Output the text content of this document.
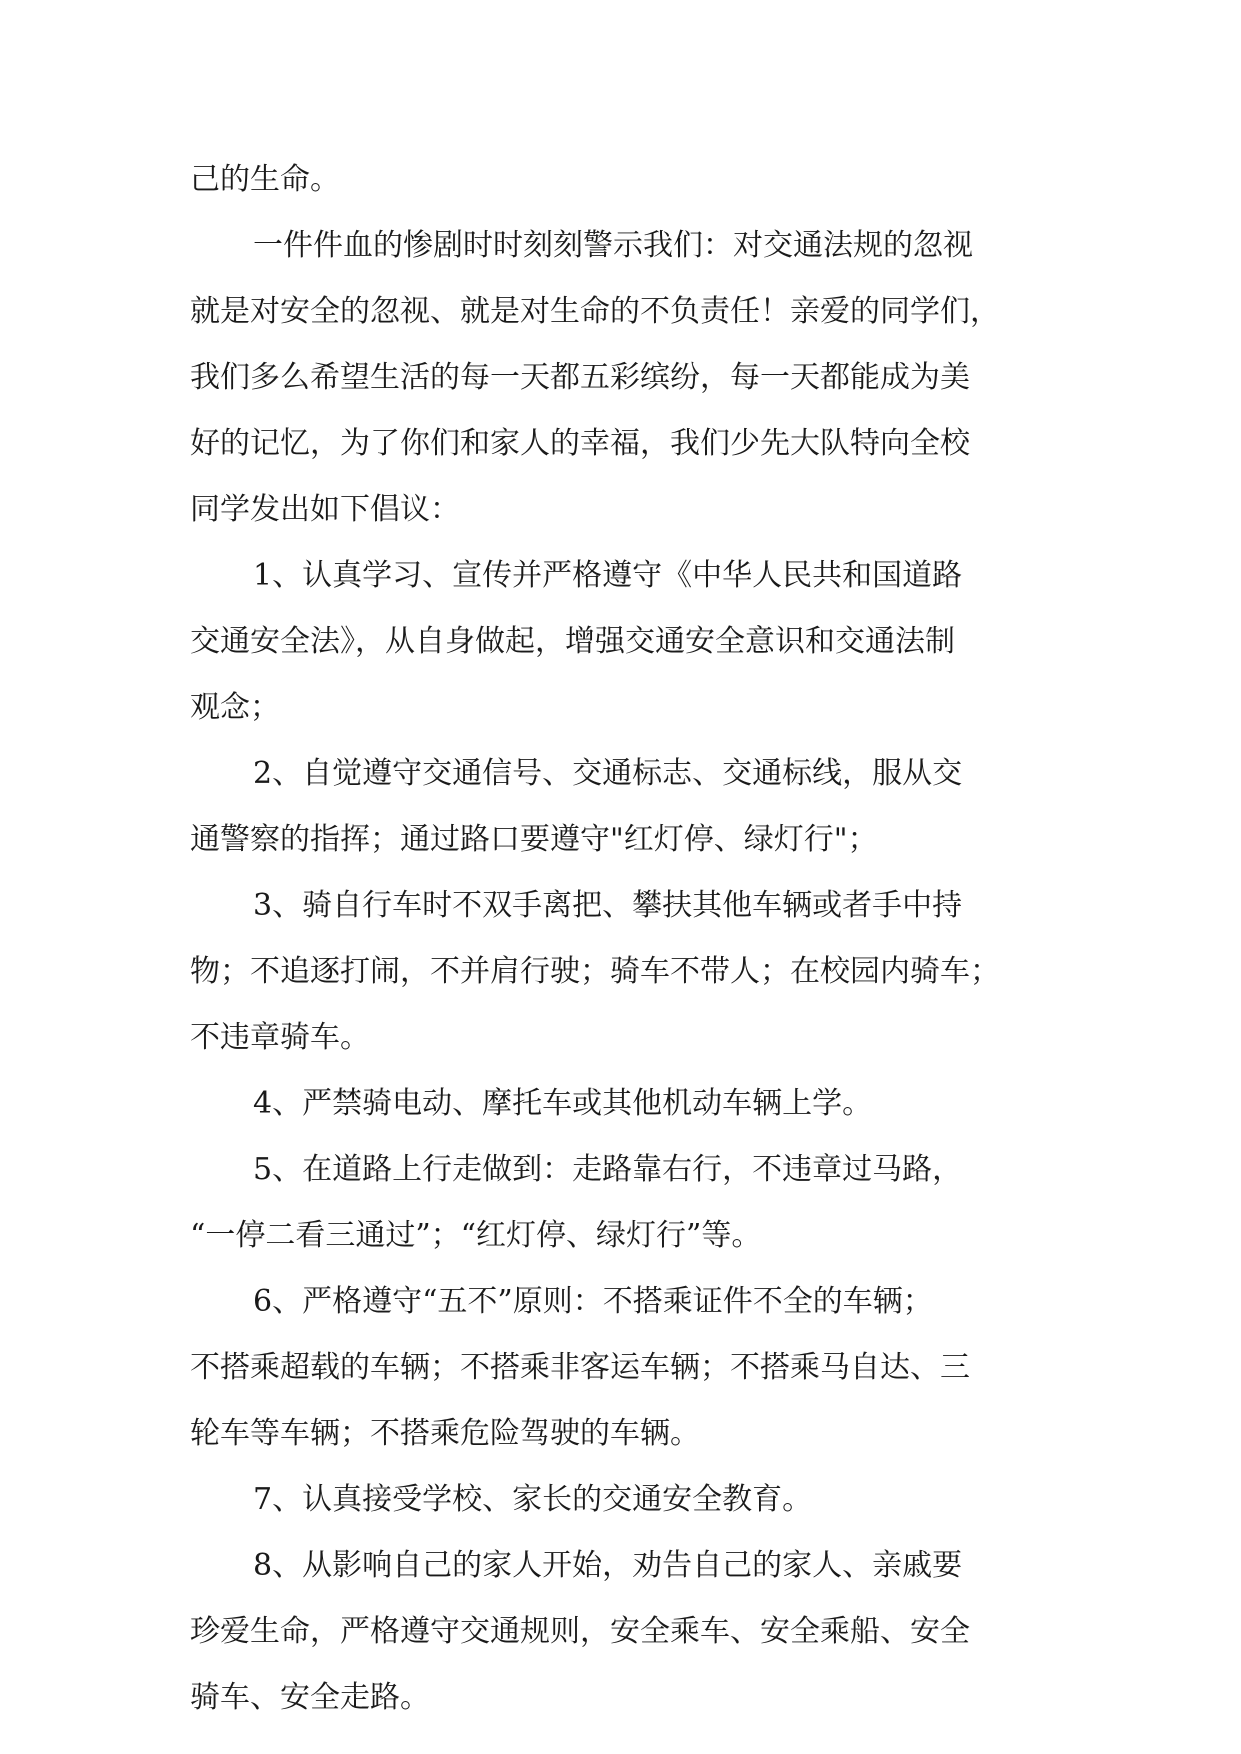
己的生命。
一件件血的惨剧时时刻刻警示我们：对交通法规的忽视
就是对安全的忽视、就是对生命的不负责任！亲爱的同学们，
我们多么希望生活的每一天都五彩缤纷，每一天都能成为美
好的记忆，为了你们和家人的幸福，我们少先大队特向全校
同学发出如下倡议：
1、认真学习、宣传并严格遵守《中华人民共和国道路
交通安全法》，从自身做起，增强交通安全意识和交通法制
观念；
2、自觉遵守交通信号、交通标志、交通标线，服从交
通警察的指挥；通过路口要遵守"红灯停、绿灯行"；
3、骑自行车时不双手离把、攀扶其他车辆或者手中持
物；不追逐打闹，不并肩行驶；骑车不带人；在校园内骑车；
不违章骑车。
4、严禁骑电动、摩托车或其他机动车辆上学。
5、在道路上行走做到：走路靠右行，不违章过马路，
“一停二看三通过”；“红灯停、绿灯行”等。
6、严格遵守“五不”原则：不搭乘证件不全的车辆；
不搭乘超载的车辆；不搭乘非客运车辆；不搭乘马自达、三
轮车等车辆；不搭乘危险驾驶的车辆。
7、认真接受学校、家长的交通安全教育。
8、从影响自己的家人开始，劝告自己的家人、亲戚要
珍爱生命，严格遵守交通规则，安全乘车、安全乘船、安全
骑车、安全走路。
